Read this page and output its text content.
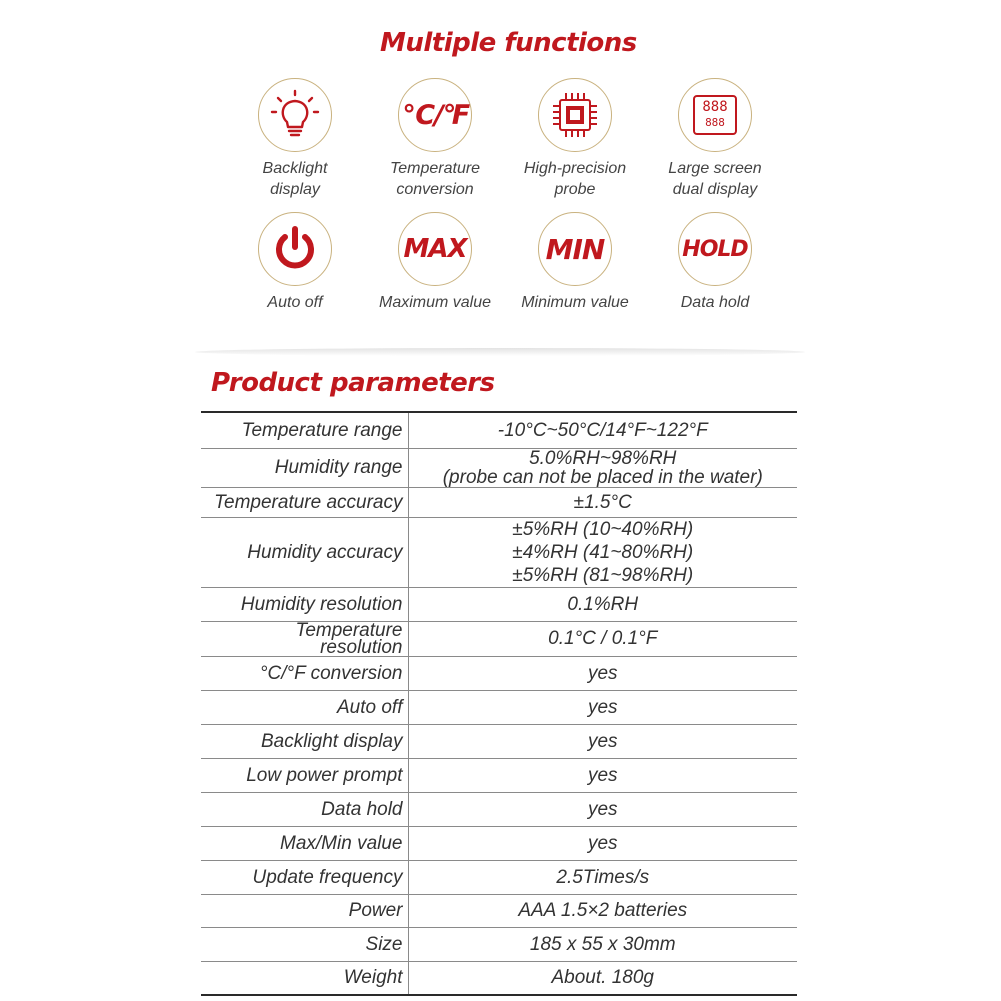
Multiple functions
Backlight
display
℃/℉
Temperature
conversion
High-precision
probe
888
888
Large screen
dual display
Auto off
MAX
Maximum value
MIN
Minimum value
HOLD
Data hold
Product parameters
Temperature range	-10°C~50°C/14°F~122°F

Humidity range	5.0%RH~98%RH
(probe can not be placed in the water)

Temperature accuracy	±1.5°C

Humidity accuracy	±5%RH (10~40%RH)
±4%RH (41~80%RH)
±5%RH (81~98%RH)

Humidity resolution	0.1%RH

Temperature
resolution	0.1°C / 0.1°F

°C/°F conversion	yes

Auto off	yes

Backlight display	yes

Low power prompt	yes

Data hold	yes

Max/Min value	yes

Update frequency	2.5Times/s

Power	AAA 1.5×2 batteries

Size	185 x 55 x 30mm

Weight	About. 180g
